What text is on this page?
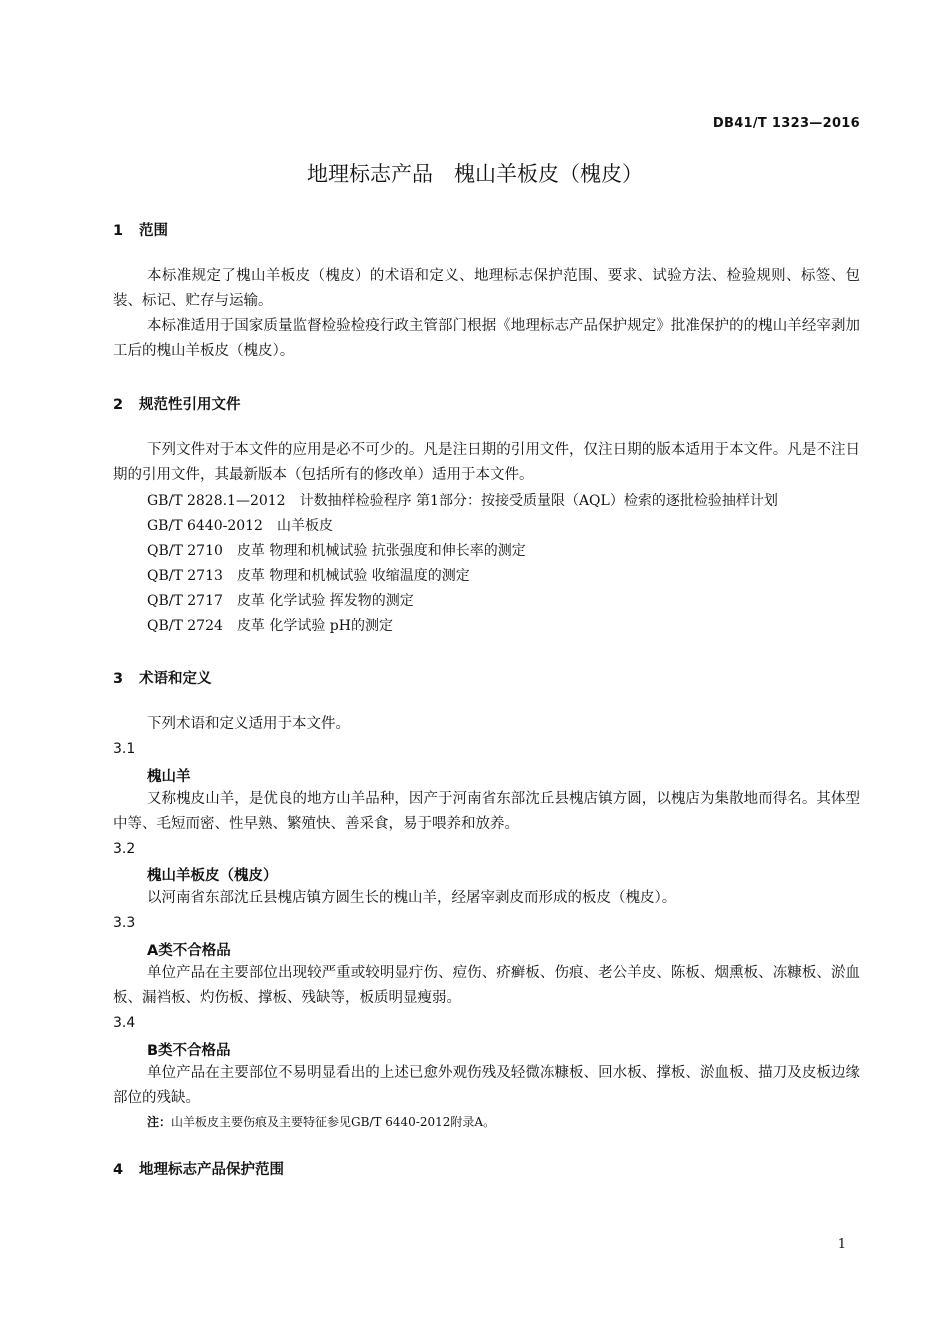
DB41/T 1323—2016
地理标志产品　槐山羊板皮（槐皮）
1 范围
本标准规定了槐山羊板皮（槐皮）的术语和定义、地理标志保护范围、要求、试验方法、检验规则、标签、包装、标记、贮存与运输。
本标准适用于国家质量监督检验检疫行政主管部门根据《地理标志产品保护规定》批准保护的的槐山羊经宰剥加工后的槐山羊板皮（槐皮）。
2 规范性引用文件
下列文件对于本文件的应用是必不可少的。凡是注日期的引用文件，仅注日期的版本适用于本文件。凡是不注日期的引用文件，其最新版本（包括所有的修改单）适用于本文件。
GB/T 2828.1—2012　计数抽样检验程序 第1部分：按接受质量限（AQL）检索的逐批检验抽样计划
GB/T 6440-2012　山羊板皮
QB/T 2710　皮革 物理和机械试验 抗张强度和伸长率的测定
QB/T 2713　皮革 物理和机械试验 收缩温度的测定
QB/T 2717　皮革 化学试验 挥发物的测定
QB/T 2724　皮革 化学试验 pH的测定
3 术语和定义
下列术语和定义适用于本文件。
3.1
槐山羊
又称槐皮山羊，是优良的地方山羊品种，因产于河南省东部沈丘县槐店镇方圆，以槐店为集散地而得名。其体型中等、毛短而密、性早熟、繁殖快、善采食，易于喂养和放养。
3.2
槐山羊板皮（槐皮）
以河南省东部沈丘县槐店镇方圆生长的槐山羊，经屠宰剥皮而形成的板皮（槐皮）。
3.3
A类不合格品
单位产品在主要部位出现较严重或较明显疔伤、痘伤、疥癣板、伤痕、老公羊皮、陈板、烟熏板、冻糠板、淤血板、漏裆板、灼伤板、撑板、残缺等，板质明显瘦弱。
3.4
B类不合格品
单位产品在主要部位不易明显看出的上述已愈外观伤残及轻微冻糠板、回水板、撑板、淤血板、描刀及皮板边缘部位的残缺。
注：山羊板皮主要伤痕及主要特征参见GB/T 6440-2012附录A。
4 地理标志产品保护范围
1
